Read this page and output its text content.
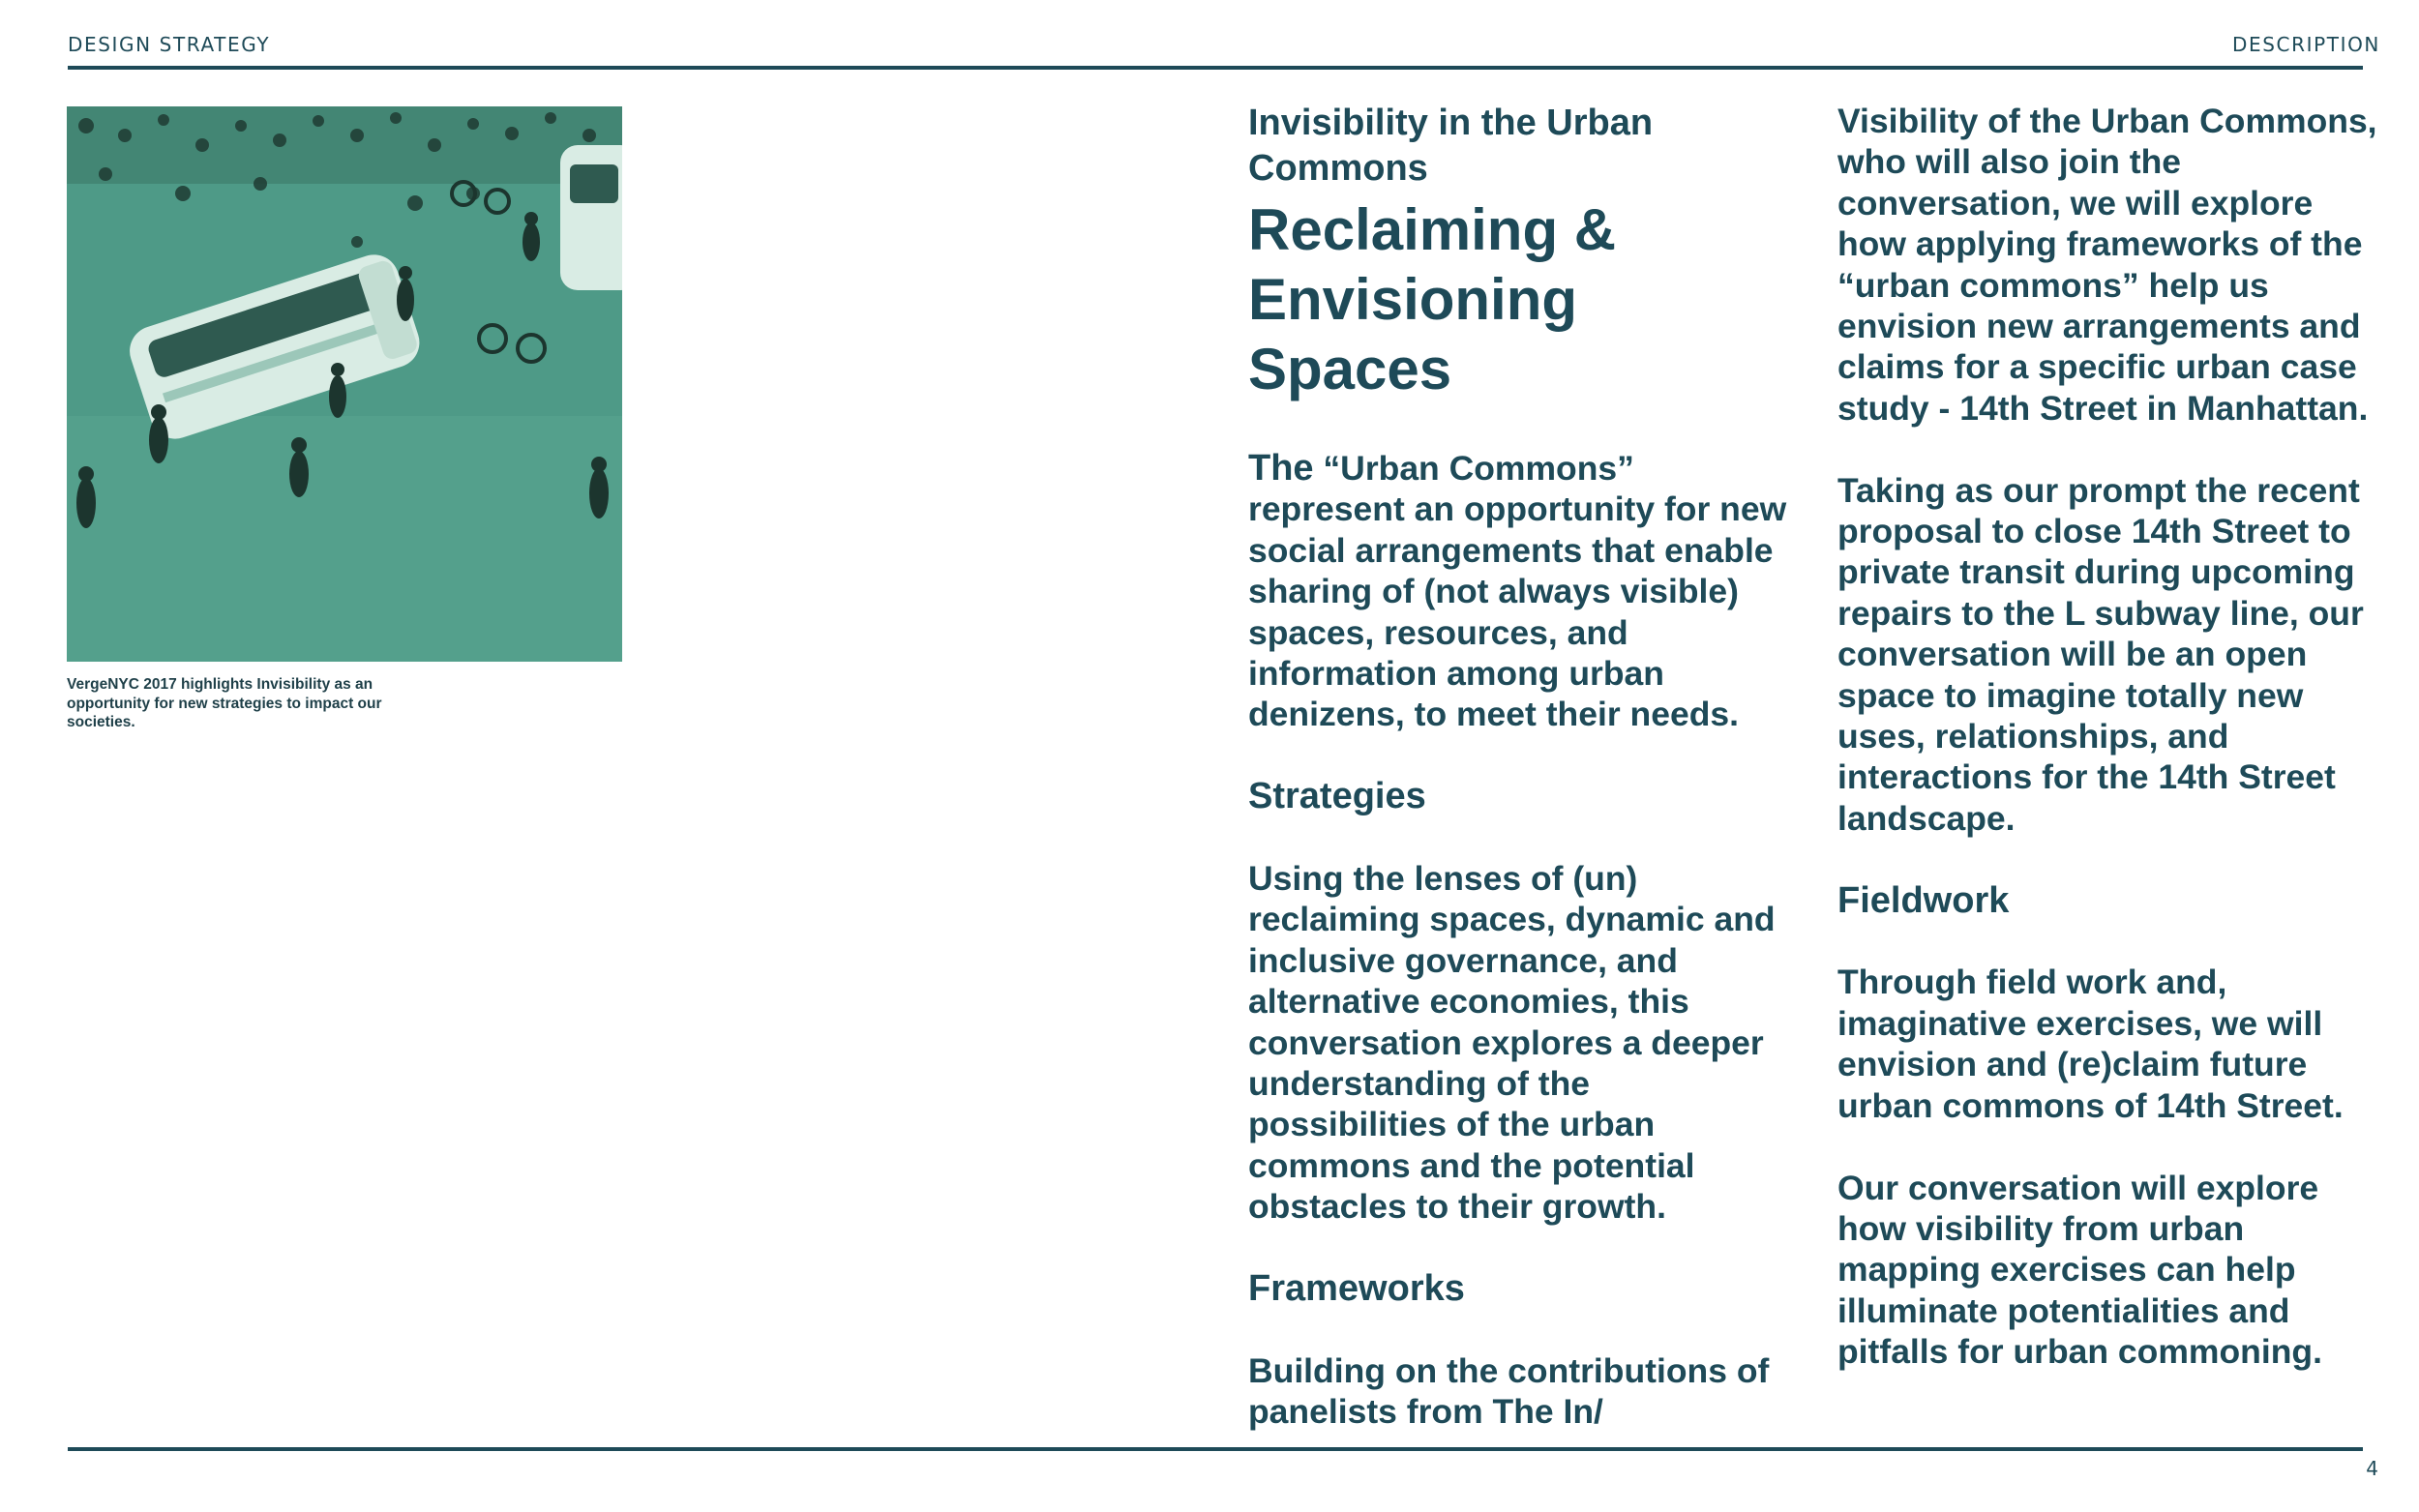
DESIGN STRATEGY	DESCRIPTION
VergeNYC 2017 highlights Invisibility as an opportunity for new strategies to impact our societies.

Invisibility in the Urban Commons

Reclaiming & Envisioning Spaces

The “Urban Commons” represent an opportunity for new social arrangements that enable sharing of (not always visible) spaces, resources, and information among urban denizens, to meet their needs.

Strategies

Using the lenses of (un) reclaiming spaces, dynamic and inclusive governance, and alternative economies, this conversation explores a deeper understanding of the possibilities of the urban commons and the potential obstacles to their growth.

Frameworks

Building on the contributions of panelists from The In/

Visibility of the Urban Commons, who will also join the conversation, we will explore how applying frameworks of the “urban commons” help us envision new arrangements and claims for a specific urban case study - 14th Street in Manhattan.

Taking as our prompt the recent proposal to close 14th Street to private transit during upcoming repairs to the L subway line, our conversation will be an open space to imagine totally new uses, relationships, and interactions for the 14th Street landscape.

Fieldwork

Through field work and, imaginative exercises, we will envision and (re)claim future urban commons of 14th Street.

Our conversation will explore how visibility from urban mapping exercises can help illuminate potentialities and pitfalls for urban commoning.

4
